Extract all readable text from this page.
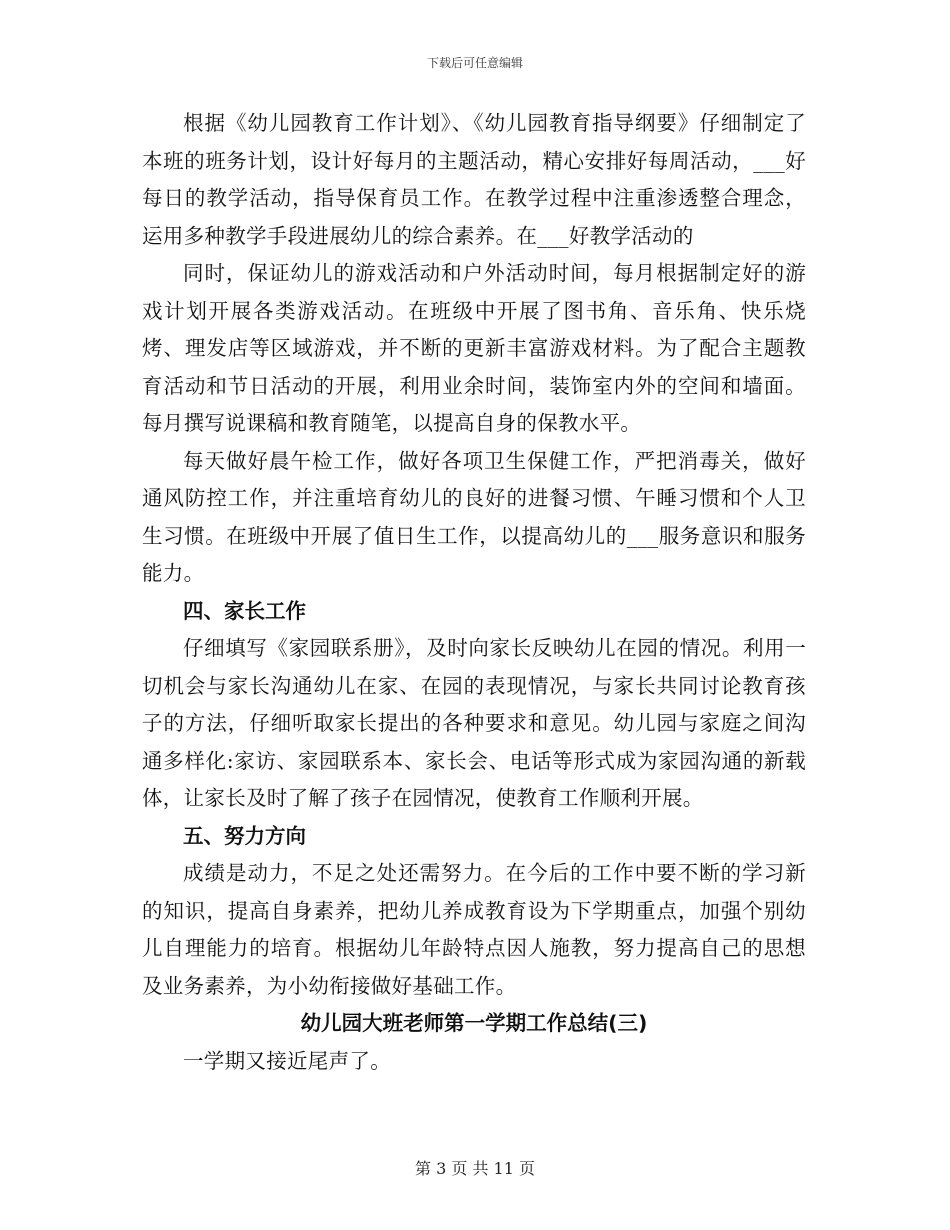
下载后可任意编辑

根据《幼儿园教育工作计划》、《幼儿园教育指导纲要》仔细制定了本班的班务计划，设计好每月的主题活动，精心安排好每周活动，___好每日的教学活动，指导保育员工作。在教学过程中注重渗透整合理念，运用多种教学手段进展幼儿的综合素养。在___好教学活动的

同时，保证幼儿的游戏活动和户外活动时间，每月根据制定好的游戏计划开展各类游戏活动。在班级中开展了图书角、音乐角、快乐烧烤、理发店等区域游戏，并不断的更新丰富游戏材料。为了配合主题教育活动和节日活动的开展，利用业余时间，装饰室内外的空间和墙面。每月撰写说课稿和教育随笔，以提高自身的保教水平。

每天做好晨午检工作，做好各项卫生保健工作，严把消毒关，做好通风防控工作，并注重培育幼儿的良好的进餐习惯、午睡习惯和个人卫生习惯。在班级中开展了值日生工作，以提高幼儿的___服务意识和服务能力。

四、家长工作

仔细填写《家园联系册》，及时向家长反映幼儿在园的情况。利用一切机会与家长沟通幼儿在家、在园的表现情况，与家长共同讨论教育孩子的方法，仔细听取家长提出的各种要求和意见。幼儿园与家庭之间沟通多样化:家访、家园联系本、家长会、电话等形式成为家园沟通的新载体，让家长及时了解了孩子在园情况，使教育工作顺利开展。

五、努力方向

成绩是动力，不足之处还需努力。在今后的工作中要不断的学习新的知识，提高自身素养，把幼儿养成教育设为下学期重点，加强个别幼儿自理能力的培育。根据幼儿年龄特点因人施教，努力提高自己的思想及业务素养，为小幼衔接做好基础工作。

幼儿园大班老师第一学期工作总结(三)

一学期又接近尾声了。

第 3 页 共 11 页
